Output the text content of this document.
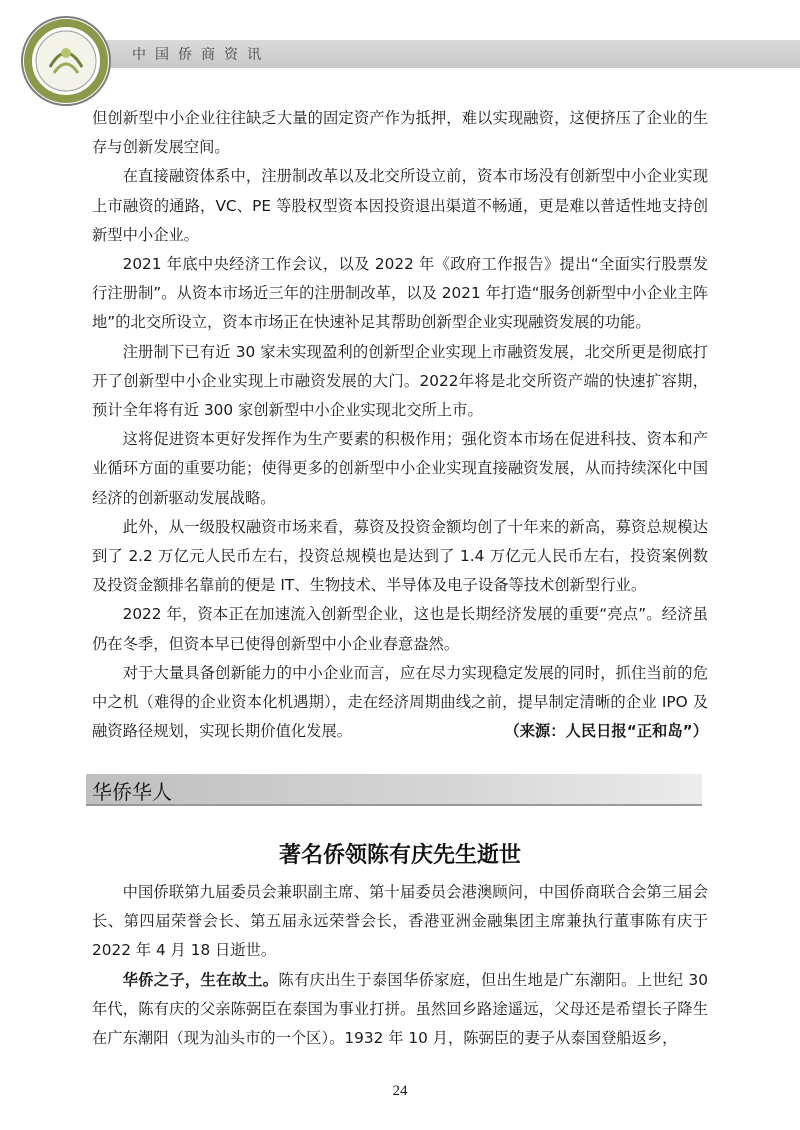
中国侨商资讯

但创新型中小企业往往缺乏大量的固定资产作为抵押，难以实现融资，这便挤压了企业的生存与创新发展空间。

在直接融资体系中，注册制改革以及北交所设立前，资本市场没有创新型中小企业实现上市融资的通路，VC、PE 等股权型资本因投资退出渠道不畅通，更是难以普适性地支持创新型中小企业。

2021 年底中央经济工作会议，以及 2022 年《政府工作报告》提出“全面实行股票发行注册制”。从资本市场近三年的注册制改革，以及 2021 年打造“服务创新型中小企业主阵地”的北交所设立，资本市场正在快速补足其帮助创新型企业实现融资发展的功能。

注册制下已有近 30 家未实现盈利的创新型企业实现上市融资发展，北交所更是彻底打开了创新型中小企业实现上市融资发展的大门。2022年将是北交所资产端的快速扩容期，预计全年将有近 300 家创新型中小企业实现北交所上市。

这将促进资本更好发挥作为生产要素的积极作用；强化资本市场在促进科技、资本和产业循环方面的重要功能；使得更多的创新型中小企业实现直接融资发展，从而持续深化中国经济的创新驱动发展战略。

此外，从一级股权融资市场来看，募资及投资金额均创了十年来的新高，募资总规模达到了 2.2 万亿元人民币左右，投资总规模也是达到了 1.4 万亿元人民币左右，投资案例数及投资金额排名靠前的便是 IT、生物技术、半导体及电子设备等技术创新型行业。

2022 年，资本正在加速流入创新型企业，这也是长期经济发展的重要“亮点”。经济虽仍在冬季，但资本早已使得创新型中小企业春意盎然。

对于大量具备创新能力的中小企业而言，应在尽力实现稳定发展的同时，抓住当前的危中之机（难得的企业资本化机遇期），走在经济周期曲线之前，提早制定清晰的企业 IPO 及融资路径规划，实现长期价值化发展。	（来源：人民日报“正和岛”）
华侨华人
著名侨领陈有庆先生逝世

中国侨联第九届委员会兼职副主席、第十届委员会港澳顾问，中国侨商联合会第三届会长、第四届荣誉会长、第五届永远荣誉会长，香港亚洲金融集团主席兼执行董事陈有庆于 2022 年 4 月 18 日逝世。

华侨之子，生在故土。陈有庆出生于泰国华侨家庭，但出生地是广东潮阳。上世纪 30 年代，陈有庆的父亲陈弼臣在泰国为事业打拼。虽然回乡路途遥远，父母还是希望长子降生在广东潮阳（现为汕头市的一个区）。1932 年 10 月，陈弼臣的妻子从泰国登船返乡，

24
